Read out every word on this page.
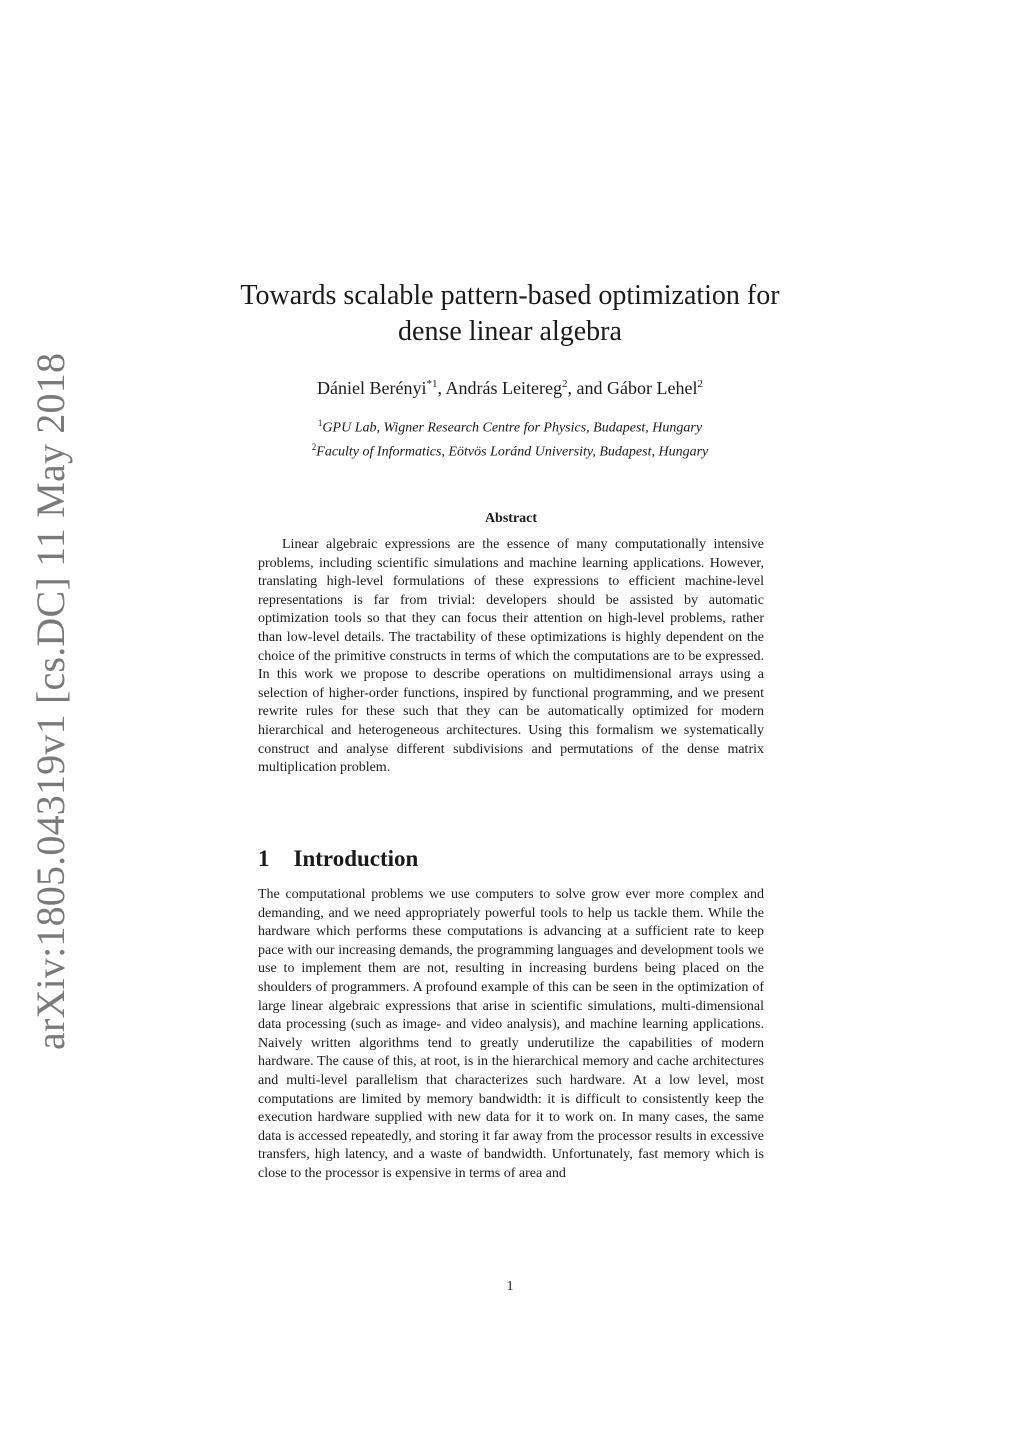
arXiv:1805.04319v1 [cs.DC] 11 May 2018
Towards scalable pattern-based optimization for
dense linear algebra
Dániel Berényi$^{*1}$, András Leitereg$^2$, and Gábor Lehel$^2$
$^1$GPU Lab, Wigner Research Centre for Physics, Budapest, Hungary
$^2$Faculty of Informatics, Eötvös Loránd University, Budapest, Hungary
Abstract

Linear algebraic expressions are the essence of many computationally intensive problems, including scientific simulations and machine learning applications. However, translating high-level formulations of these expressions to efficient machine-level representations is far from trivial: developers should be assisted by automatic optimization tools so that they can focus their attention on high-level problems, rather than low-level details. The tractability of these optimizations is highly dependent on the choice of the primitive constructs in terms of which the computations are to be expressed. In this work we propose to describe operations on multidimensional arrays using a selection of higher-order functions, inspired by functional programming, and we present rewrite rules for these such that they can be automatically optimized for modern hierarchical and heterogeneous architectures. Using this formalism we systematically construct and analyse different subdivisions and permutations of the dense matrix multiplication problem.

1 Introduction

The computational problems we use computers to solve grow ever more complex and demanding, and we need appropriately powerful tools to help us tackle them. While the hardware which performs these computations is advancing at a sufficient rate to keep pace with our increasing demands, the programming languages and development tools we use to implement them are not, resulting in increasing burdens being placed on the shoulders of programmers. A profound example of this can be seen in the optimization of large linear algebraic expressions that arise in scientific simulations, multi-dimensional data processing (such as image- and video analysis), and machine learning applications. Naively written algorithms tend to greatly underutilize the capabilities of modern hardware. The cause of this, at root, is in the hierarchical memory and cache architectures and multi-level parallelism that characterizes such hardware. At a low level, most computations are limited by memory bandwidth: it is difficult to consistently keep the execution hardware supplied with new data for it to work on. In many cases, the same data is accessed repeatedly, and storing it far away from the processor results in excessive transfers, high latency, and a waste of bandwidth. Unfortunately, fast memory which is close to the processor is expensive in terms of area and

1
